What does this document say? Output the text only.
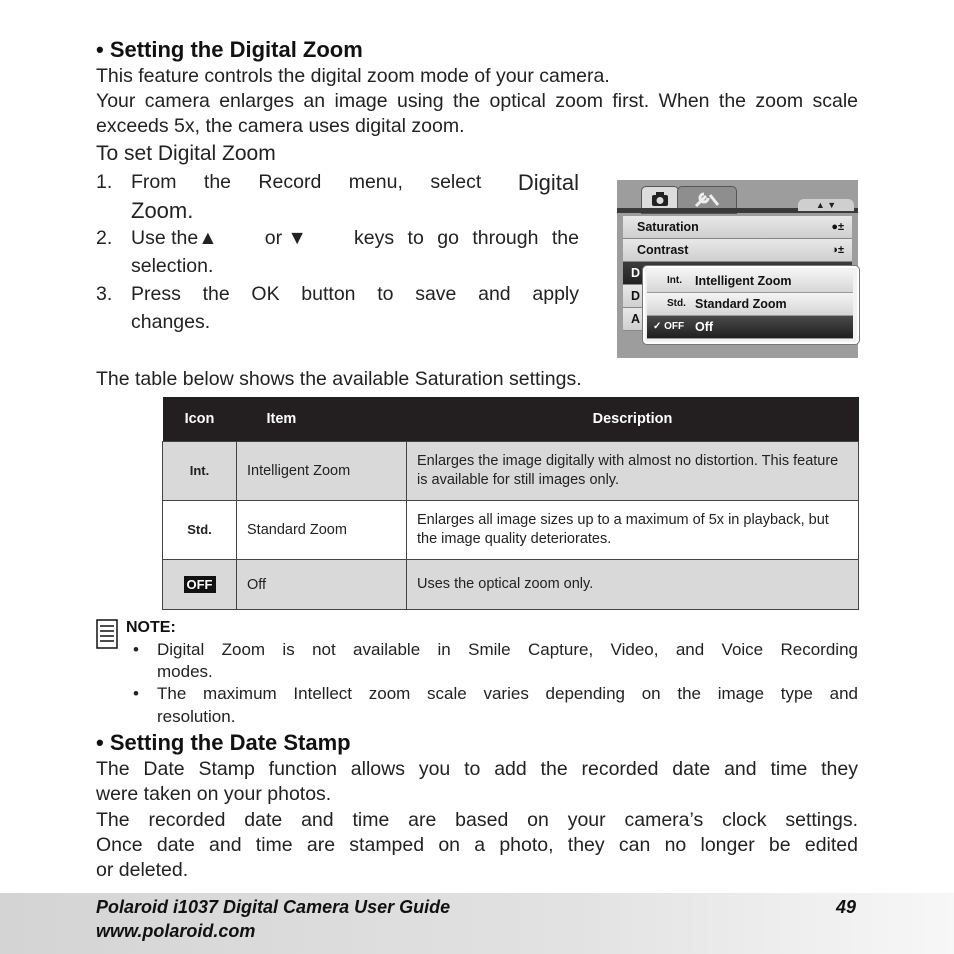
• Setting the Digital Zoom
This feature controls the digital zoom mode of your camera.
Your camera enlarges an image using the optical zoom first. When the zoom scale exceeds 5x, the camera uses digital zoom.
To set Digital Zoom
1. From the Record menu, select Digital
Zoom.
2. Use the▲ or ▼ keys to go through the
selection.
3. Press the OK button to save and apply
changes.
▲ ▼
Saturation	●±
Contrast	◑±
D
D
A
Int. Intelligent Zoom
Std. Standard Zoom
✓ OFF Off
The table below shows the available Saturation settings.
Icon	Item	Description
Int.	Intelligent Zoom	Enlarges the image digitally with almost no distortion. This feature is available for still images only.
Std.	Standard Zoom	Enlarges all image sizes up to a maximum of 5x in playback, but the image quality deteriorates.
OFF	Off	Uses the optical zoom only.
NOTE:
• Digital Zoom is not available in Smile Capture, Video, and Voice Recording
modes.
• The maximum Intellect zoom scale varies depending on the image type and
resolution.
• Setting the Date Stamp
The Date Stamp function allows you to add the recorded date and time they
were taken on your photos.
The recorded date and time are based on your camera’s clock settings.
Once date and time are stamped on a photo, they can no longer be edited
or deleted.
Polaroid i1037 Digital Camera User Guide
www.polaroid.com
49
